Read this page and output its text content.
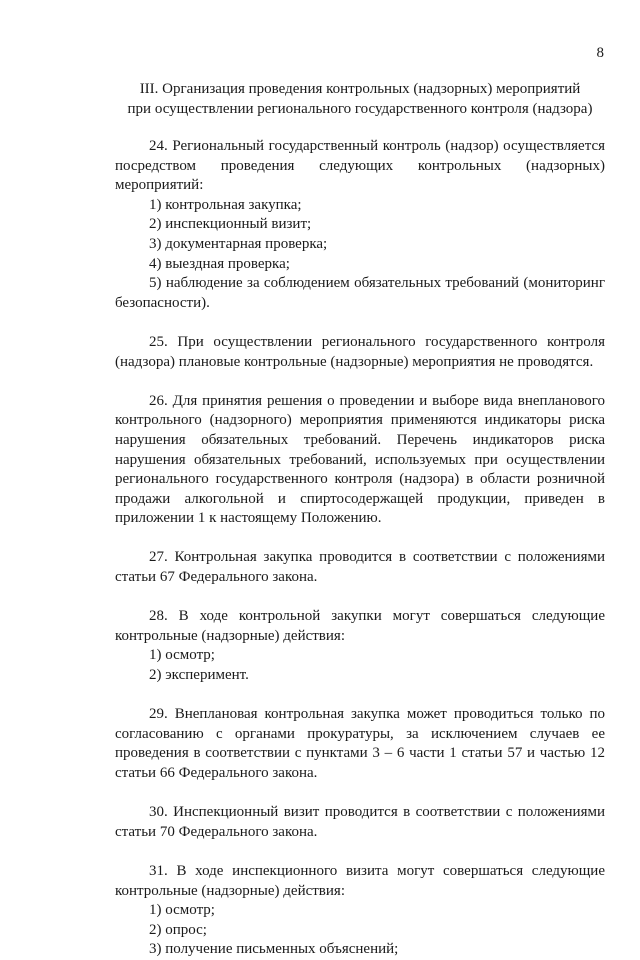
8
III. Организация проведения контрольных (надзорных) мероприятий
при осуществлении регионального государственного контроля (надзора)

24. Региональный государственный контроль (надзор) осуществляется посредством проведения следующих контрольных (надзорных) мероприятий:

1) контрольная закупка;

2) инспекционный визит;

3) документарная проверка;

4) выездная проверка;

5) наблюдение за соблюдением обязательных требований (мониторинг безопасности).

25. При осуществлении регионального государственного контроля (надзора) плановые контрольные (надзорные) мероприятия не проводятся.

26. Для принятия решения о проведении и выборе вида внепланового контрольного (надзорного) мероприятия применяются индикаторы риска нарушения обязательных требований. Перечень индикаторов риска нарушения обязательных требований, используемых при осуществлении регионального государственного контроля (надзора) в области розничной продажи алкогольной и спиртосодержащей продукции, приведен в приложении 1 к настоящему Положению.

27. Контрольная закупка проводится в соответствии с положениями статьи 67 Федерального закона.

28. В ходе контрольной закупки могут совершаться следующие контрольные (надзорные) действия:

1) осмотр;

2) эксперимент.

29. Внеплановая контрольная закупка может проводиться только по согласованию с органами прокуратуры, за исключением случаев ее проведения в соответствии с пунктами 3 – 6 части 1 статьи 57 и частью 12 статьи 66 Федерального закона.

30. Инспекционный визит проводится в соответствии с положениями статьи 70 Федерального закона.

31. В ходе инспекционного визита могут совершаться следующие контрольные (надзорные) действия:

1) осмотр;

2) опрос;

3) получение письменных объяснений;
